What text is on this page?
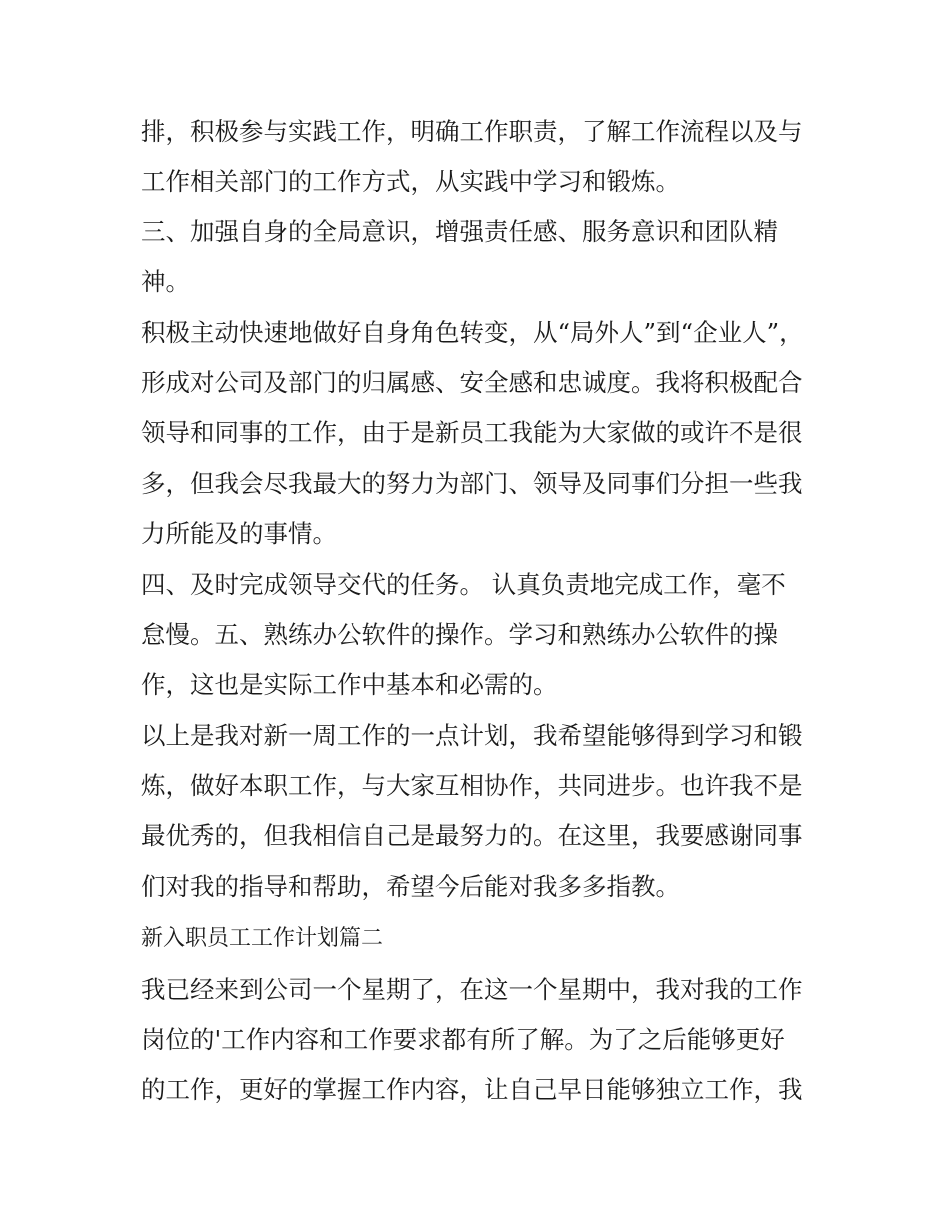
排，积极参与实践工作，明确工作职责，了解工作流程以及与

工作相关部门的工作方式，从实践中学习和锻炼。

三、加强自身的全局意识，增强责任感、服务意识和团队精

神。

积极主动快速地做好自身角色转变，从“局外人”到“企业人”，

形成对公司及部门的归属感、安全感和忠诚度。我将积极配合

领导和同事的工作，由于是新员工我能为大家做的或许不是很

多，但我会尽我最大的努力为部门、领导及同事们分担一些我

力所能及的事情。

四、及时完成领导交代的任务。 认真负责地完成工作，毫不

怠慢。五、熟练办公软件的操作。学习和熟练办公软件的操

作，这也是实际工作中基本和必需的。

以上是我对新一周工作的一点计划，我希望能够得到学习和锻

炼，做好本职工作，与大家互相协作，共同进步。也许我不是

最优秀的，但我相信自己是最努力的。在这里，我要感谢同事

们对我的指导和帮助，希望今后能对我多多指教。

新入职员工工作计划篇二

我已经来到公司一个星期了，在这一个星期中，我对我的工作

岗位的'工作内容和工作要求都有所了解。为了之后能够更好

的工作，更好的掌握工作内容，让自己早日能够独立工作，我
